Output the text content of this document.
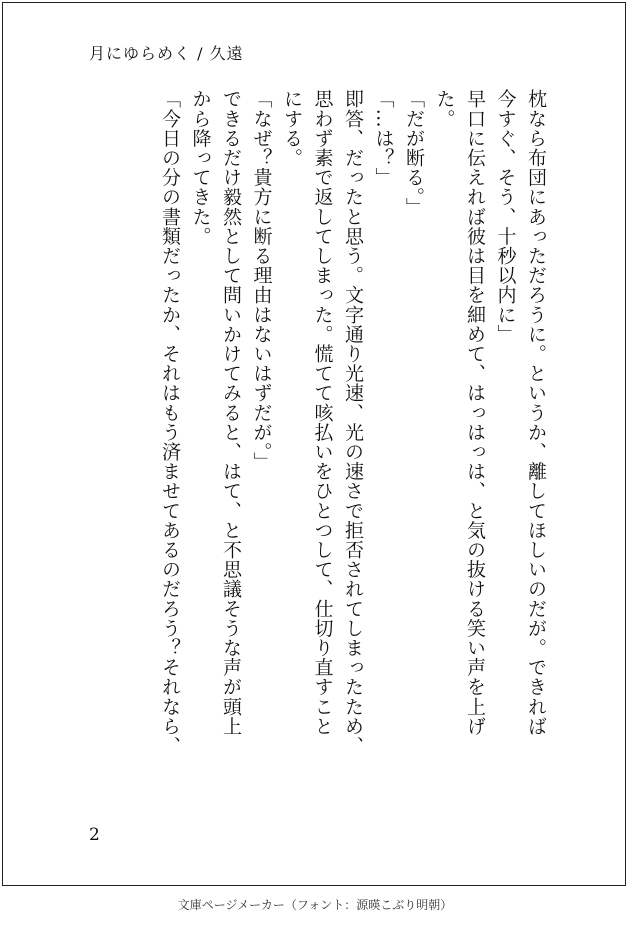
月にゆらめく / 久遠
枕なら布団にあっただろうに。というか、離してほしいのだが。できれば
今すぐ、そう、十秒以内に」
早口に伝えれば彼は目を細めて、はっはっは、と気の抜ける笑い声を上げ
た。
「だが断る。」
「…は？」
即答、だったと思う。文字通り光速、光の速さで拒否されてしまったため、
思わず素で返してしまった。慌てて咳払いをひとつして、仕切り直すこと
にする。
「なぜ？貴方に断る理由はないはずだが。」
できるだけ毅然として問いかけてみると、はて、と不思議そうな声が頭上
から降ってきた。
「今日の分の書類だったか、それはもう済ませてあるのだろう？それなら、
2
文庫ページメーカー（フォント：源暎こぶり明朝）
